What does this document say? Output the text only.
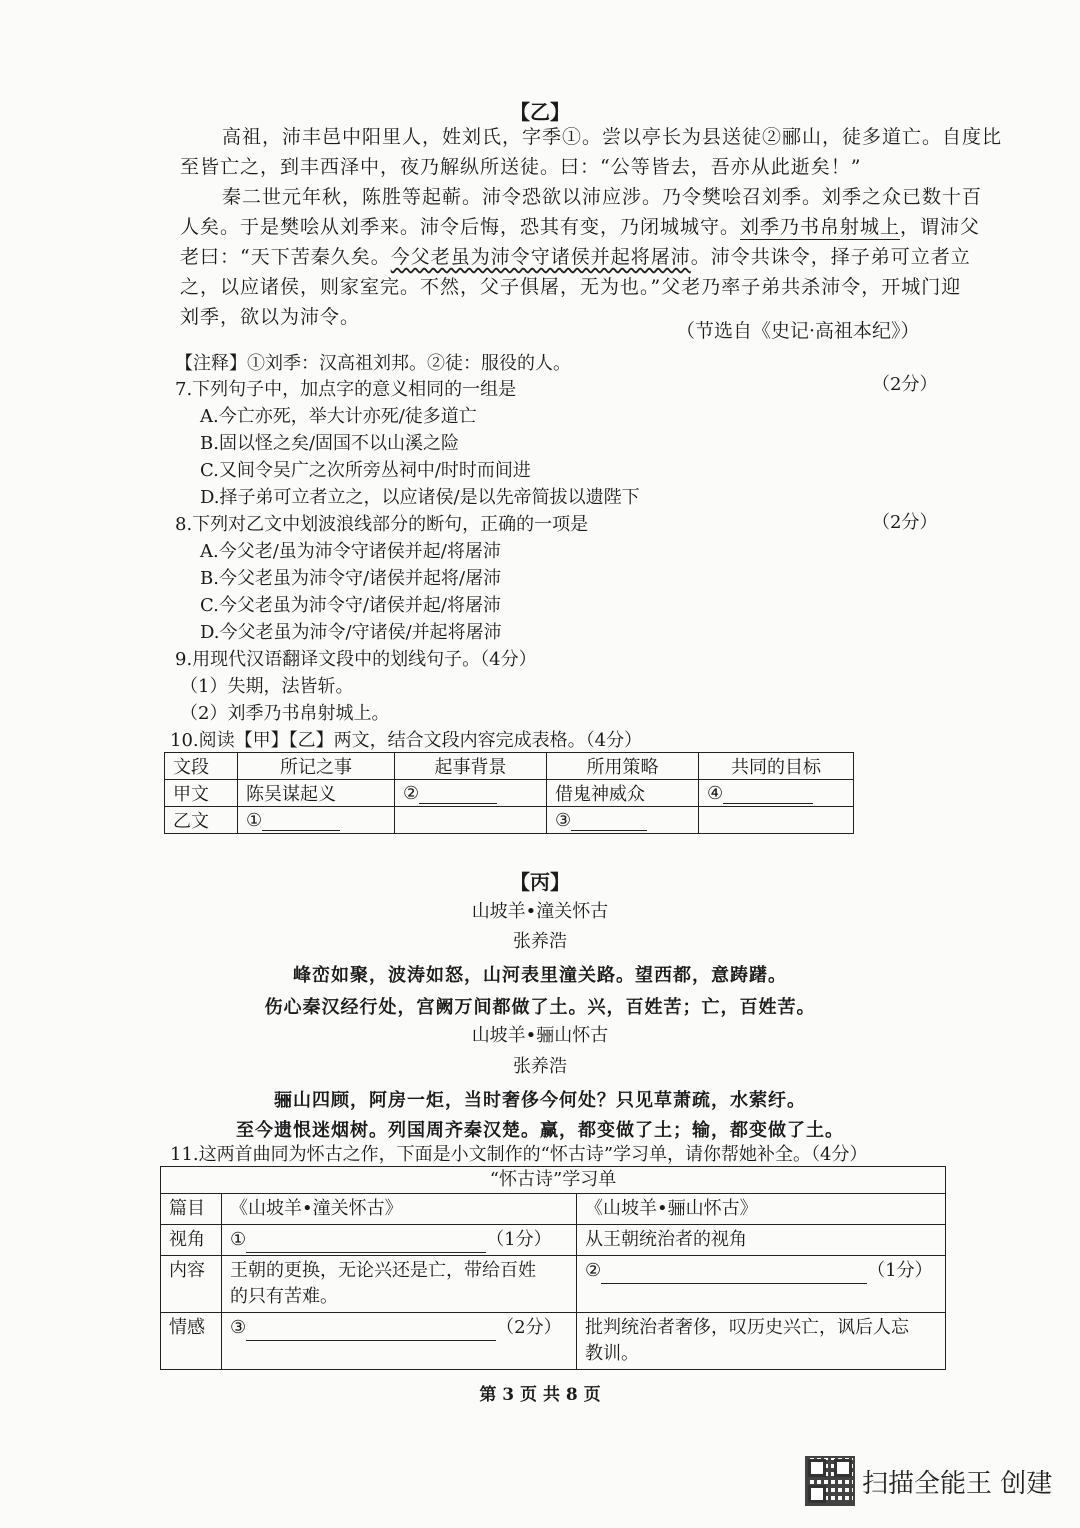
【乙】
高祖，沛丰邑中阳里人，姓刘氏，字季①。尝以亭长为县送徒②郦山，徒多道亡。自度比
至皆亡之，到丰西泽中，夜乃解纵所送徒。曰：“公等皆去，吾亦从此逝矣！”
秦二世元年秋，陈胜等起蕲。沛令恐欲以沛应涉。乃令樊哙召刘季。刘季之众已数十百
人矣。于是樊哙从刘季来。沛令后悔，恐其有变，乃闭城城守。刘季乃书帛射城上，谓沛父
老曰：“天下苦秦久矣。今父老虽为沛令守诸侯并起将屠沛。沛令共诛令，择子弟可立者立
之，以应诸侯，则家室完。不然，父子俱屠，无为也。”父老乃率子弟共杀沛令，开城门迎
刘季，欲以为沛令。
（节选自《史记·高祖本纪》）
【注释】①刘季：汉高祖刘邦。②徒：服役的人。
7.下列句子中，加点字的意义相同的一组是	（2分）
A.今亡亦死，举大计亦死/徒多道亡
B.固以怪之矣/固国不以山溪之险
C.又间令吴广之次所旁丛祠中/时时而间进
D.择子弟可立者立之，以应诸侯/是以先帝简拔以遗陛下
8.下列对乙文中划波浪线部分的断句，正确的一项是	（2分）
A.今父老/虽为沛令守诸侯并起/将屠沛
B.今父老虽为沛令守/诸侯并起将/屠沛
C.今父老虽为沛令守/诸侯并起/将屠沛
D.今父老虽为沛令/守诸侯/并起将屠沛
9.用现代汉语翻译文段中的划线句子。（4分）
（1）失期，法皆斩。
（2）刘季乃书帛射城上。
10.阅读【甲】【乙】两文，结合文段内容完成表格。（4分）
文段	所记之事	起事背景	所用策略	共同的目标
甲文	陈吴谋起义	②	借鬼神威众	④
乙文	①		③	
【丙】
山坡羊•潼关怀古
张养浩
峰峦如聚，波涛如怒，山河表里潼关路。望西都，意踌躇。
伤心秦汉经行处，宫阙万间都做了土。兴，百姓苦；亡，百姓苦。
山坡羊•骊山怀古
张养浩
骊山四顾，阿房一炬，当时奢侈今何处？只见草萧疏，水萦纡。
至今遗恨迷烟树。列国周齐秦汉楚。赢，都变做了土；输，都变做了土。
11.这两首曲同为怀古之作，下面是小文制作的“怀古诗”学习单，请你帮她补全。（4分）
“怀古诗”学习单		
篇目	《山坡羊•潼关怀古》	《山坡羊•骊山怀古》
视角	① （1分）	从王朝统治者的视角
内容	王朝的更换，无论兴还是亡，带给百姓
的只有苦难。	② （1分）
情感	③ （2分）	批判统治者奢侈，叹历史兴亡，讽后人忘
教训。
第 3 页 共 8 页
扫描全能王 创建
